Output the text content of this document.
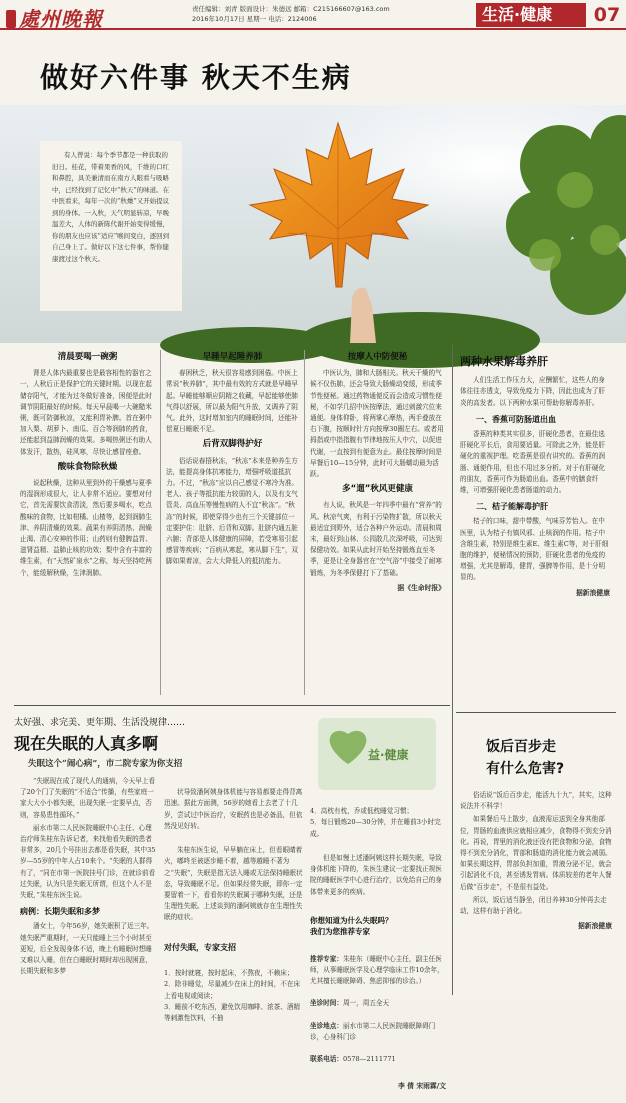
處州晚報	责任编辑：刘青 版面设计：朱德远 邮箱：C215166607@163.com
2016年10月17日 星期一 电话：2124006	生活·健康	07
做好六件事 秋天不生病
有人曾说：每个季节都是一种获取的旧日。桂花，带着果香的风，千维的口红和鼻腔，具美兼清而在南方人眼看与吸略中，已经找到了记忆中“秋天”的味道。在中医看来，每年一次的“秋燥”又开始提议到的身体。一入秋，天气明显转凉，早晚温差大，人体的新陈代谢开始变得缓慢，你的朋友也应该“适应”喉间变白，逐回到自己身上了。做好以下这七件事，帮你健康渡过这个秋天。
清晨要喝一碗粥

肾是人体内最重要也是最容相性的器官之一，人秋后正是保护它的关键时期。以现在起储存阳气，才能为过冬做好准备，困便是此时调节阴阳最好的时候。每天早晨喝一大碗糙米粥，既可防御秋凉，又能利胃补脾。首在粥中加入梨、胡萝卜、南瓜、百合等润肺的药食，还能起到益肺润燥的效果。多喝热粥还有助人体发汗，散热，硅风寒，尽快让感冒痊愈。

酸味食物除秋燥

说起秋燥，这种从里到外的干燥感与夏季的湿润形成很大，让人非常不适应。要想对付它，首先需要饮食清淡，然后要多喝水，吃点酸味的食物，比如柑橘、山楂等，起到润肺生津、养阴清燥的效果。蔬果有养阴清热、润燥止渴、清心安神的作用；山药则有健脾益胃、滋肾益精、益肺止咳的功效；梨中含有丰富的维生素，有“天然矿泉水”之称，每天坚持吃两个，能缓解秋燥，生津润肺。

早睡早起睡养肺

春困秋乏，秋天很容易感到困倦。中医上常说“秋养肺”，其中最有效的方式就是早睡早起。早睡能够顺应阴精之收藏，早起能够使肺气得以舒展，所以最为阳气升放，又调养了阴气。此外，这时增加室内的睡眠时间，还能补偿夏日睡眠不足。

后背双脚得护好

俗话说春捂秋冻，“秋冻”本来是种养生方法，能提高身体抗寒能力，增强呼吸道抵抗力。不过，“秋冻”应以自己感觉不寒冷为准。老人、孩子等抵抗能力较弱的人，以及有支气管炎、高血压等慢性病的人不宜“秋冻”。“秋冻”的时候，即使穿得少也有三个关键部位一定要护住：肚脐、后背和双脚。肚脐内通五脏六腑；背部是人体健康的屏障，若受寒易引起感冒等疾病；“百病从寒起，寒从脚下生”，双脚如果着凉，会大大降低人的抵抗能力。

按摩人中防便秘

中医认为，肺和大肠相关。秋天干燥的气候不仅伤肺，还会导致大肠燥动变缓，形成季节性便秘。通过药物通便反而会造成习惯性便秘，不如学几招中医按摩法，通过刺激穴位来通便。身体仰卧，将两掌心摩热，两手叠放在右下腹，按顺时针方向按摩30圈左右。或者用拇指或中指指腹有节律地按压人中穴，以促进代谢，一直按到有便意为止。最佳按摩时间是早餐后10—15分钟，此时可大肠蠕动最为活跃。

多“遛”秋风更健康

有人说，秋风是一年四季中最有“营养”的风。秋凉气爽，有利于污染物扩散，所以秋天最适宜到野外，适合各种户外运动。清晨和周末，最好到山林、公园散几次深呼吸，可达到保健功效。如果从此时开始坚持锻炼直至冬季，更是让全身器官在“空气浴”中接受了耐寒锻炼，为冬季保健打下了基础。

据《生命时报》
两种水果解毒养肝

人们生活工作压力大，应酬繁忙，这些人的身体往往亦透支，导致免疫力下降，因此也成为了肝炎的高发者。以下两种水果可帮助你解毒养肝。

一、香蕉可防肠道出血

香蕉的种类其实很多，肝硬化患者，在最佳选肝硬化平长后，食用要适量。可除此之外，能是肝硬化的重视护理。吃香蕉是很有讲究的。香蕉的润肠、通便作用，但也不用过多分析。对于有肝硬化的朋友，香蕉可作为肠道出血。香蕉中的膳食纤维，可增强肝硬化患者肠道的动力。

二、桔子能解毒护肝

桔子的口味，甜中带酸，气味芬芳怡人。在中医里，认为桔子有镇风邪、止咳润的作用。桔子中含维生素，特别是维生素E、维生素C等，对于肝细胞的维护，便秘情况的预防，肝硬化患者的免疫的增强，尤其是解毒，健胃，强脾等作用，是十分明显的。

据新浪健康
太好强、求完美、更年期、生活没规律……
现在失眠的人真多啊
失眠这个“闹心病”，市二院专家为你支招
益·健康

“失眠现在成了现代人的通病，今天早上看了20个门了失眠的“不适合”传播，有些家庭一家大大小小都失眠，出现失眠一定要早点，否则，容易患性循环。”

丽水市第二人民医院睡眠中心主任、心理治疗师朱桂东告诉记者，来找他看失眠的患者非常多，20几个号挂出去都是看失眠，其中35岁—55岁的中年人占10来个。“失眠的人群得有了，“同在市第一医院挂号门诊，在就诊前看过失眠，认为只是失眠无所谓，但这个人不是失眠，”朱桂东医生说。

病例：长期失眠和多梦

潘女士，今年56岁，她失眠积了近三年。她失眠严重期时，一天只能睡上三个小时甚至更短，后全发现身体不适，晚上有睡眠时想睡又难以入睡，但在白睡眠时期时却出现困意，长期失眠和多梦

状导致潘阿姨身体机能与容易都要走得背离迅速。据此方面测，56岁的她看上去老了十几岁，尝试过中医治疗，安眠药也是必备品，但依然没见好转。

朱桂东医生说，早早躺在床上，但看眼睛着火，嘟咚至被逐步睡不着，越等越睡不著为之“失眠”，失眠是指无法入睡或无法保持睡眠状态，导致睡眠不足。但如果经常失眠，即你一定要留着一下，看看你的失眠属于哪种失眠，还是生理性失眠。上述谈到的潘阿姨就存在生理性失眠的症状。

对付失眠，专家支招

1．按时就寝，按时起床，不熬夜，不赖床；
2．除非睡觉，尽量减少在床上的时间，不在床上看电视或阅读；
3．睡前不吃东西，避免饮用咖啡、浓茶、酒精等刺激性饮料，不抽

4．高枕有枕，乔或低枕睡觉习惯；
5．每日锻炼20—30分钟，并在睡前3小时完成。

但是如慢上述潘阿姨这样长期失眠，导致身体机能下降的，朱医生建议一定要找正规医院的睡眠医学中心进行治疗，以免给自己的身体带来更多的疾病。

你想知道为什么失眠吗？
我们为您推荐专家

推荐专家：朱桂东（睡眠中心主任，副主任医师，从事睡眠医学及心理学临床工作10余年，尤其擅长睡眠障碍、焦虑抑郁的诊治。）

坐诊时间：周一，周五全天

坐诊地点：丽水市第二人民医院睡眠障碍门诊，心身科门诊

联系电话：0578—2111771

李 倩 宋雨霖/文

饭后百步走
有什么危害?

俗话说“饭后百步走，能活九十九”，其实，这种说法并不科学！

如果餐后马上散步，血液需运送到全身其他部位，胃肠的血液供应就相应减少，食物得不到充分消化。再说，胃里的消化液还没有把食物和分泌，食物得不到充分消化，胃部和肠道的消化能力就会减弱。如果长期这样，胃部负担加重，胃液分泌不足，就会引起消化不良，甚至诱发胃病。体质较差的老年人餐后做“百步走”，不是很有益处。

所以，饭后适当静坐，闭目养神30分钟再去走动，这样有助于消化。

据新浪健康
